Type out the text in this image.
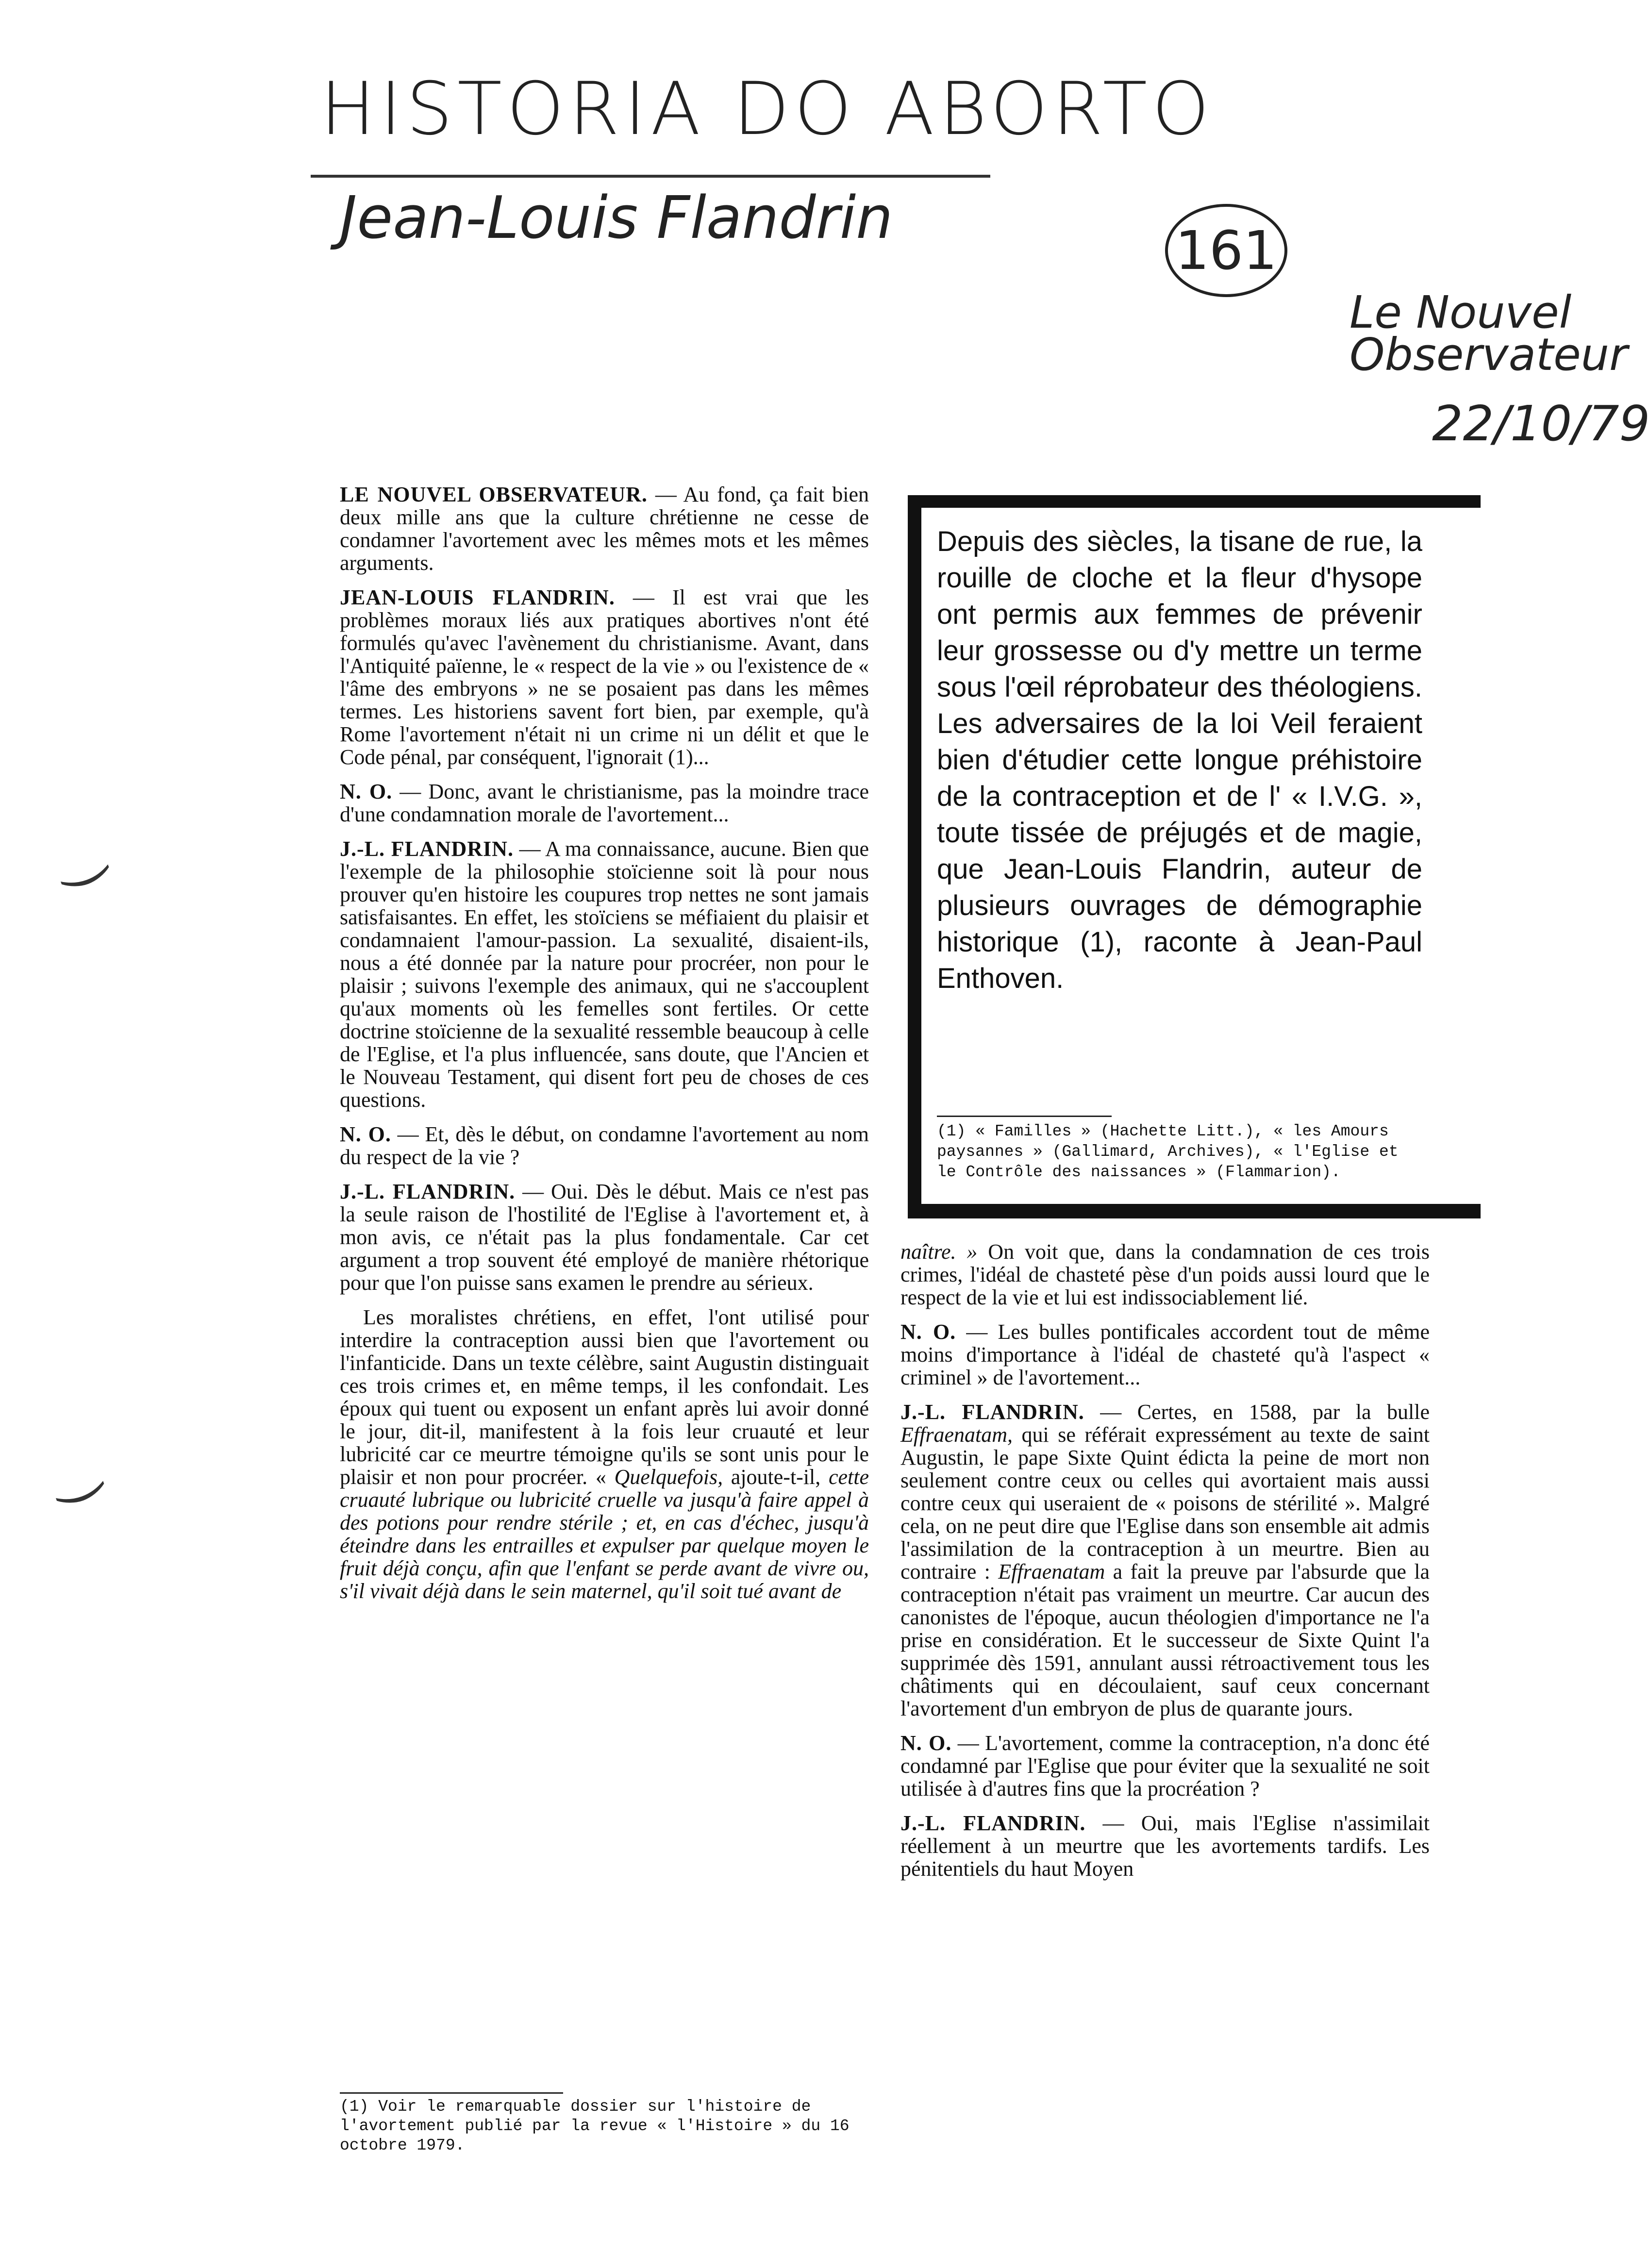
HISTORIA DO ABORTO
Jean-Louis Flandrin	161
Le Nouvel Observateur
22/10/79
⏝
⏝

LE NOUVEL OBSERVATEUR. — Au fond, ça fait bien deux mille ans que la culture chrétienne ne cesse de condamner l'avortement avec les mêmes mots et les mêmes arguments.

JEAN-LOUIS FLANDRIN. — Il est vrai que les problèmes moraux liés aux pratiques abortives n'ont été formulés qu'avec l'avènement du christianisme. Avant, dans l'Antiquité païenne, le « respect de la vie » ou l'existence de « l'âme des embryons » ne se posaient pas dans les mêmes termes. Les historiens savent fort bien, par exemple, qu'à Rome l'avortement n'était ni un crime ni un délit et que le Code pénal, par conséquent, l'ignorait (1)...

N. O. — Donc, avant le christianisme, pas la moindre trace d'une condamnation morale de l'avortement...

J.-L. FLANDRIN. — A ma connaissance, aucune. Bien que l'exemple de la philosophie stoïcienne soit là pour nous prouver qu'en histoire les coupures trop nettes ne sont jamais satisfaisantes. En effet, les stoïciens se méfiaient du plaisir et condamnaient l'amour-passion. La sexualité, disaient-ils, nous a été donnée par la nature pour procréer, non pour le plaisir ; suivons l'exemple des animaux, qui ne s'accouplent qu'aux moments où les femelles sont fertiles. Or cette doctrine stoïcienne de la sexualité ressemble beaucoup à celle de l'Eglise, et l'a plus influencée, sans doute, que l'Ancien et le Nouveau Testament, qui disent fort peu de choses de ces questions.

N. O. — Et, dès le début, on condamne l'avortement au nom du respect de la vie ?

J.-L. FLANDRIN. — Oui. Dès le début. Mais ce n'est pas la seule raison de l'hostilité de l'Eglise à l'avortement et, à mon avis, ce n'était pas la plus fondamentale. Car cet argument a trop souvent été employé de manière rhétorique pour que l'on puisse sans examen le prendre au sérieux.

Les moralistes chrétiens, en effet, l'ont utilisé pour interdire la contraception aussi bien que l'avortement ou l'infanticide. Dans un texte célèbre, saint Augustin distinguait ces trois crimes et, en même temps, il les confondait. Les époux qui tuent ou exposent un enfant après lui avoir donné le jour, dit-il, manifestent à la fois leur cruauté et leur lubricité car ce meurtre témoigne qu'ils se sont unis pour le plaisir et non pour procréer. « Quelquefois, ajoute-t-il, cette cruauté lubrique ou lubricité cruelle va jusqu'à faire appel à des potions pour rendre stérile ; et, en cas d'échec, jusqu'à éteindre dans les entrailles et expulser par quelque moyen le fruit déjà conçu, afin que l'enfant se perde avant de vivre ou, s'il vivait déjà dans le sein maternel, qu'il soit tué avant de

Depuis des siècles, la tisane de rue, la rouille de cloche et la fleur d'hysope ont permis aux femmes de prévenir leur grossesse ou d'y mettre un terme sous l'œil réprobateur des théologiens. Les adversaires de la loi Veil feraient bien d'étudier cette longue préhistoire de la contraception et de l' « I.V.G. », toute tissée de préjugés et de magie, que Jean-Louis Flandrin, auteur de plusieurs ouvrages de démographie historique (1), raconte à Jean-Paul Enthoven.
(1) « Familles » (Hachette Litt.), « les Amours paysannes » (Gallimard, Archives), « l'Eglise et le Contrôle des naissances » (Flammarion).

naître. » On voit que, dans la condamnation de ces trois crimes, l'idéal de chasteté pèse d'un poids aussi lourd que le respect de la vie et lui est indissociablement lié.

N. O. — Les bulles pontificales accordent tout de même moins d'importance à l'idéal de chasteté qu'à l'aspect « criminel » de l'avortement...

J.-L. FLANDRIN. — Certes, en 1588, par la bulle Effraenatam, qui se référait expressément au texte de saint Augustin, le pape Sixte Quint édicta la peine de mort non seulement contre ceux ou celles qui avortaient mais aussi contre ceux qui useraient de « poisons de stérilité ». Malgré cela, on ne peut dire que l'Eglise dans son ensemble ait admis l'assimilation de la contraception à un meurtre. Bien au contraire : Effraenatam a fait la preuve par l'absurde que la contraception n'était pas vraiment un meurtre. Car aucun des canonistes de l'époque, aucun théologien d'importance ne l'a prise en considération. Et le successeur de Sixte Quint l'a supprimée dès 1591, annulant aussi rétroactivement tous les châtiments qui en découlaient, sauf ceux concernant l'avortement d'un embryon de plus de quarante jours.

N. O. — L'avortement, comme la contraception, n'a donc été condamné par l'Eglise que pour éviter que la sexualité ne soit utilisée à d'autres fins que la procréation ?

J.-L. FLANDRIN. — Oui, mais l'Eglise n'assimilait réellement à un meurtre que les avortements tardifs. Les pénitentiels du haut Moyen

(1) Voir le remarquable dossier sur l'histoire de l'avortement publié par la revue « l'Histoire » du 16 octobre 1979.
